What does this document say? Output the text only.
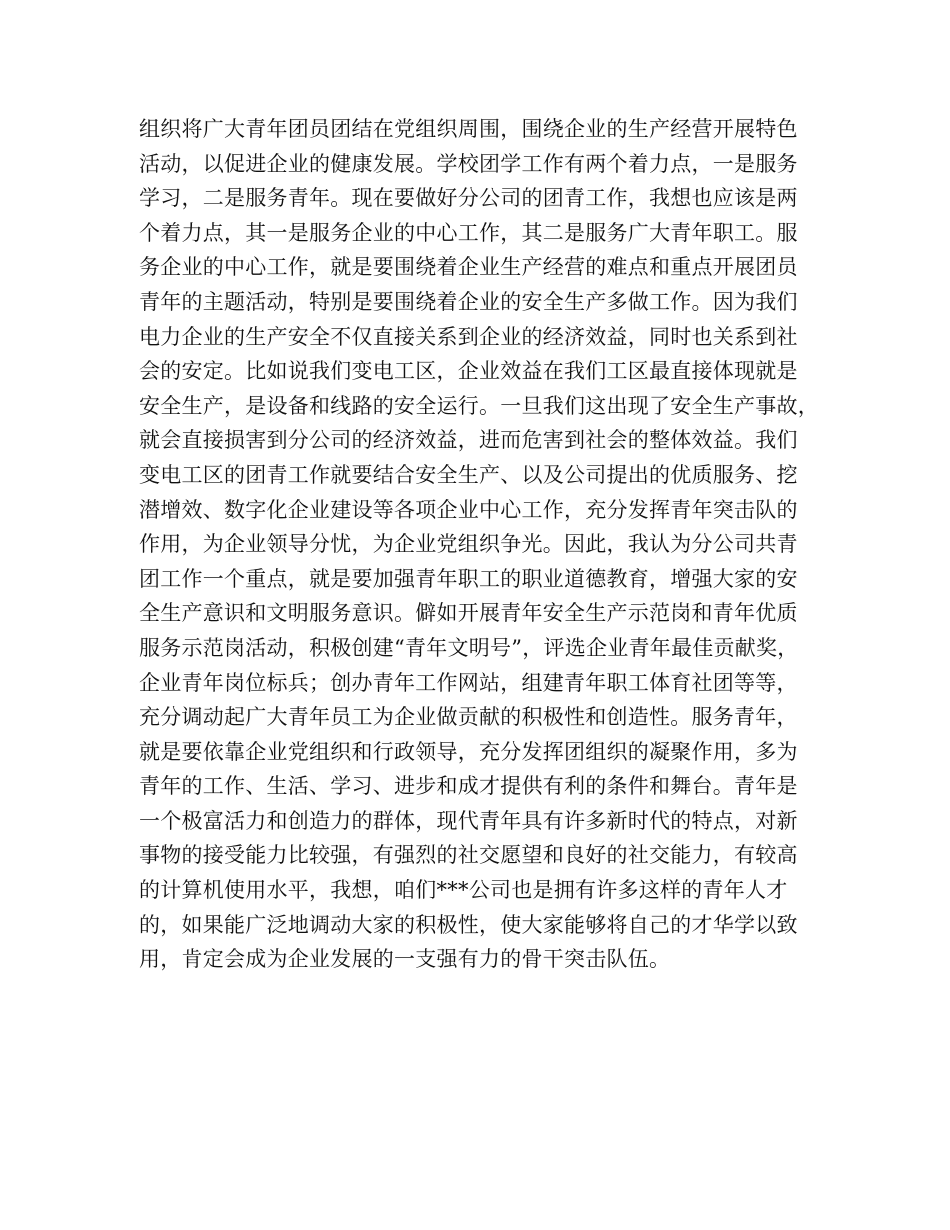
组织将广大青年团员团结在党组织周围，围绕企业的生产经营开展特色
活动，以促进企业的健康发展。学校团学工作有两个着力点，一是服务
学习，二是服务青年。现在要做好分公司的团青工作，我想也应该是两
个着力点，其一是服务企业的中心工作，其二是服务广大青年职工。服
务企业的中心工作，就是要围绕着企业生产经营的难点和重点开展团员
青年的主题活动，特别是要围绕着企业的安全生产多做工作。因为我们
电力企业的生产安全不仅直接关系到企业的经济效益，同时也关系到社
会的安定。比如说我们变电工区，企业效益在我们工区最直接体现就是
安全生产，是设备和线路的安全运行。一旦我们这出现了安全生产事故，
就会直接损害到分公司的经济效益，进而危害到社会的整体效益。我们
变电工区的团青工作就要结合安全生产、以及公司提出的优质服务、挖
潜增效、数字化企业建设等各项企业中心工作，充分发挥青年突击队的
作用，为企业领导分忧，为企业党组织争光。因此，我认为分公司共青
团工作一个重点，就是要加强青年职工的职业道德教育，增强大家的安
全生产意识和文明服务意识。僻如开展青年安全生产示范岗和青年优质
服务示范岗活动，积极创建“青年文明号”，评选企业青年最佳贡献奖，
企业青年岗位标兵；创办青年工作网站，组建青年职工体育社团等等，
充分调动起广大青年员工为企业做贡献的积极性和创造性。服务青年，
就是要依靠企业党组织和行政领导，充分发挥团组织的凝聚作用，多为
青年的工作、生活、学习、进步和成才提供有利的条件和舞台。青年是
一个极富活力和创造力的群体，现代青年具有许多新时代的特点，对新
事物的接受能力比较强，有强烈的社交愿望和良好的社交能力，有较高
的计算机使用水平，我想，咱们***公司也是拥有许多这样的青年人才
的，如果能广泛地调动大家的积极性，使大家能够将自己的才华学以致
用，肯定会成为企业发展的一支强有力的骨干突击队伍。
